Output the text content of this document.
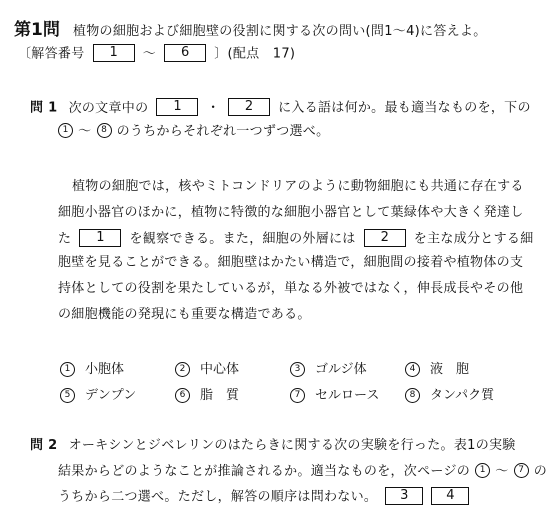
第1問 植物の細胞および細胞壁の役割に関する次の問い(問1～4)に答えよ。
〔解答番号 1 ～ 6 〕(配点　17)
問 1 次の文章中の 1 ・ 2 に入る語は何か。最も適当なものを，下の
1 ～ 8 のうちからそれぞれ一つずつ選べ。
植物の細胞では，核やミトコンドリアのように動物細胞にも共通に存在する
細胞小器官のほかに，植物に特徴的な細胞小器官として葉緑体や大きく発達し
た 1 を観察できる。また，細胞の外層には 2 を主な成分とする細
胞壁を見ることができる。細胞壁はかたい構造で，細胞間の接着や植物体の支
持体としての役割を果たしているが，単なる外被ではなく，伸長成長やその他
の細胞機能の発現にも重要な構造である。
1 小胞体	2 中心体	3 ゴルジ体	4 液　胞
5 デンプン	6 脂　質	7 セルロース	8 タンパク質
問 2 オーキシンとジベレリンのはたらきに関する次の実験を行った。表1の実験
結果からどのようなことが推論されるか。適当なものを，次ページの 1 ～ 7 の
うちから二つ選べ。ただし，解答の順序は問わない。 3	4
